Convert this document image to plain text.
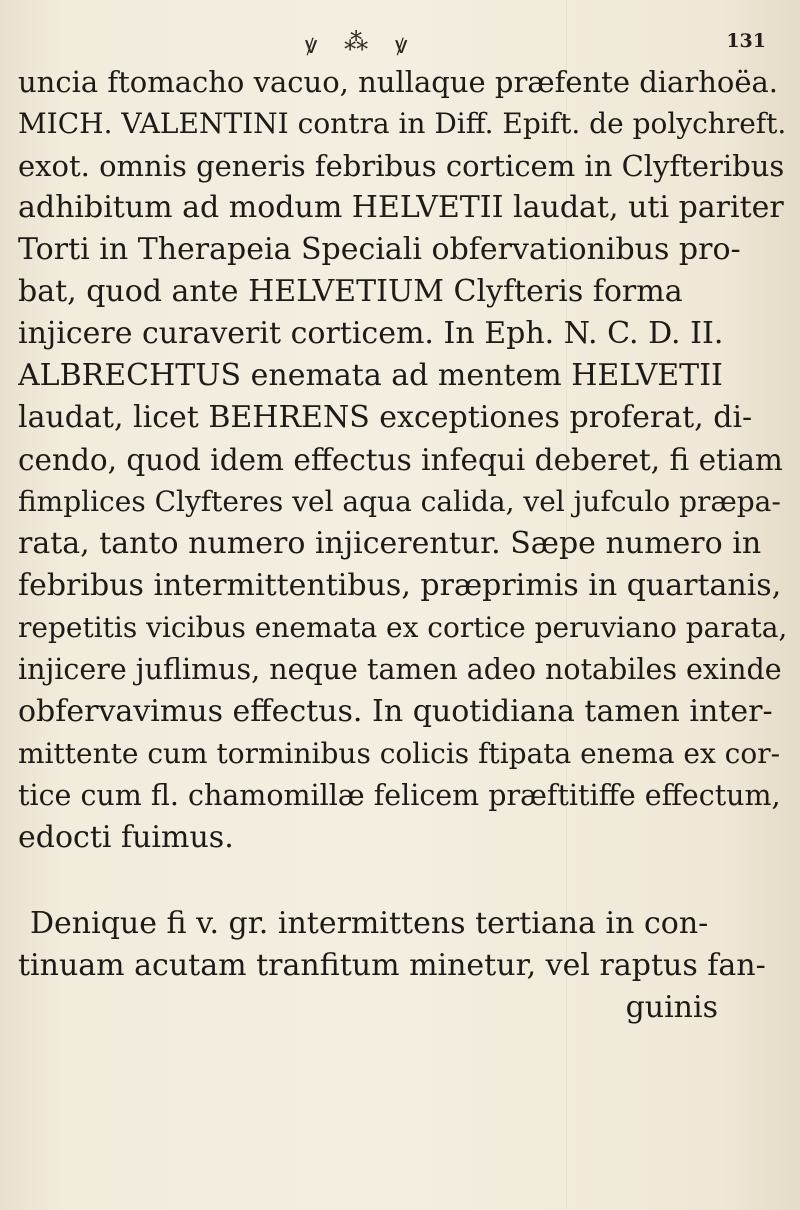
ꝟ ⁂ ꝟ	131
uncia ftomacho vacuo, nullaque præfente diarhoëa.
MICH. VALENTINI contra in Diff. Epift. de polychreft.
exot. omnis generis febribus corticem in Clyfteribus
adhibitum ad modum HELVETII laudat, uti pariter
Torti in Therapeia Speciali obfervationibus pro-
bat, quod ante HELVETIUM Clyfteris forma
injicere curaverit corticem. In Eph. N. C. D. II.
ALBRECHTUS enemata ad mentem HELVETII
laudat, licet BEHRENS exceptiones proferat, di-
cendo, quod idem effectus infequi deberet, fi etiam
fimplices Clyfteres vel aqua calida, vel jufculo præpa-
rata, tanto numero injicerentur. Sæpe numero in
febribus intermittentibus, præprimis in quartanis,
repetitis vicibus enemata ex cortice peruviano parata,
injicere juflimus, neque tamen adeo notabiles exinde
obfervavimus effectus. In quotidiana tamen inter-
mittente cum torminibus colicis ftipata enema ex cor-
tice cum fl. chamomillæ felicem præftitiffe effectum,
edocti fuimus.
Denique fi v. gr. intermittens tertiana in con-
tinuam acutam tranfitum minetur, vel raptus fan-
guinis
